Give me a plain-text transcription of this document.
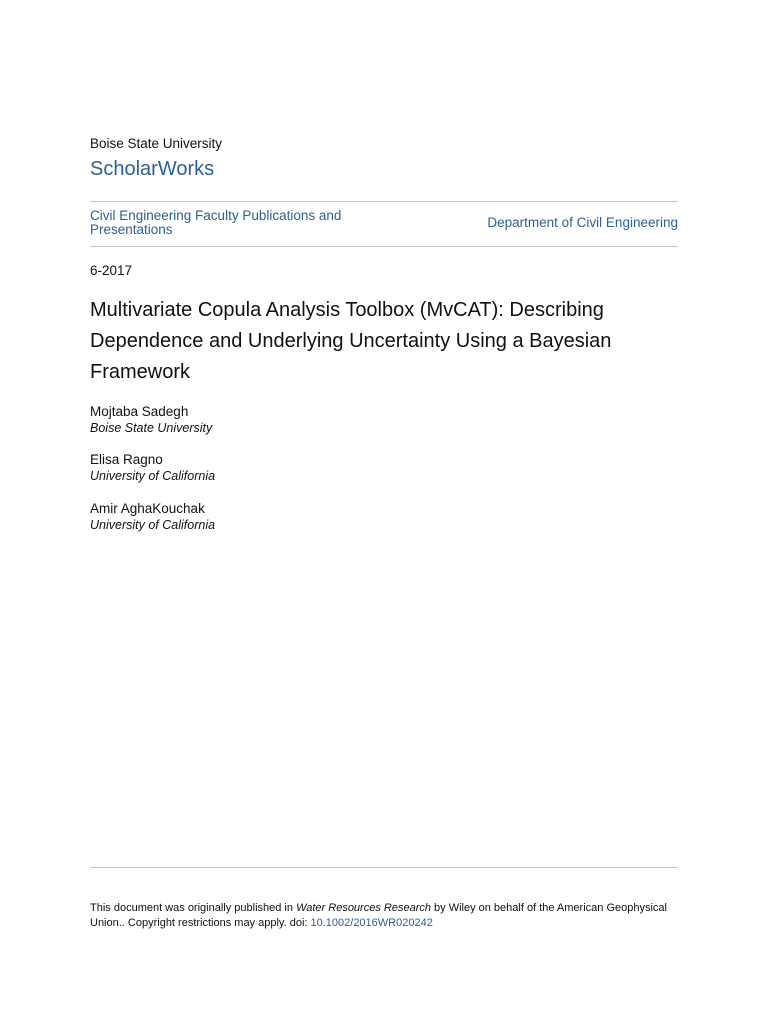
Boise State University
ScholarWorks
Civil Engineering Faculty Publications and Presentations	Department of Civil Engineering
6-2017
Multivariate Copula Analysis Toolbox (MvCAT): Describing Dependence and Underlying Uncertainty Using a Bayesian Framework
Mojtaba Sadegh
Boise State University
Elisa Ragno
University of California
Amir AghaKouchak
University of California
This document was originally published in Water Resources Research by Wiley on behalf of the American Geophysical Union.. Copyright restrictions may apply. doi: 10.1002/2016WR020242
